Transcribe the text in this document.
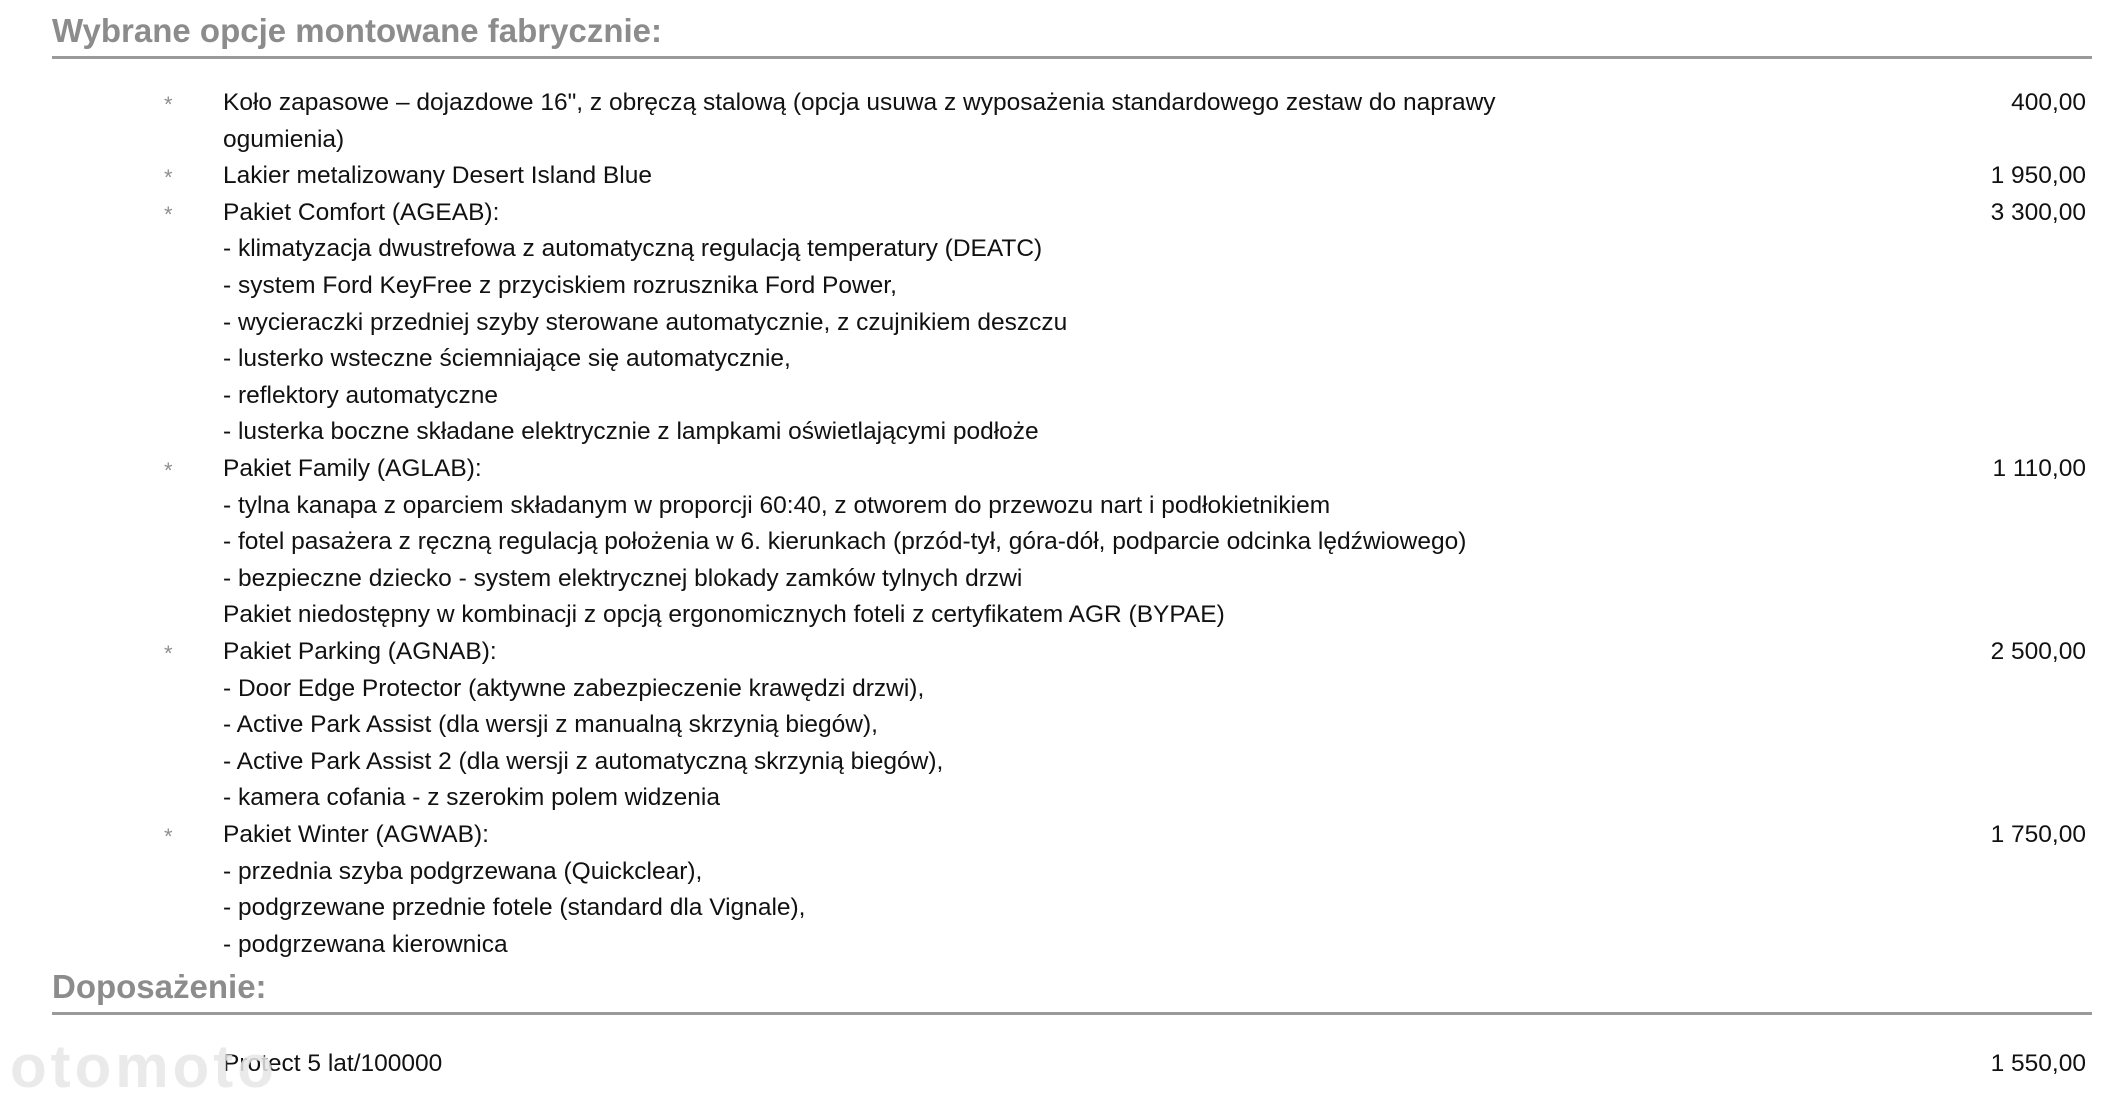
Wybrane opcje montowane fabrycznie:
* Koło zapasowe – dojazdowe 16", z obręczą stalową (opcja usuwa z wyposażenia standardowego zestaw do naprawy	400,00
ogumienia)
* Lakier metalizowany Desert Island Blue	1 950,00
* Pakiet Comfort (AGEAB):	3 300,00
- klimatyzacja dwustrefowa z automatyczną regulacją temperatury (DEATC)
- system Ford KeyFree z przyciskiem rozrusznika Ford Power,
- wycieraczki przedniej szyby sterowane automatycznie, z czujnikiem deszczu
- lusterko wsteczne ściemniające się automatycznie,
- reflektory automatyczne
- lusterka boczne składane elektrycznie z lampkami oświetlającymi podłoże
* Pakiet Family (AGLAB):	1 110,00
- tylna kanapa z oparciem składanym w proporcji 60:40, z otworem do przewozu nart i podłokietnikiem
- fotel pasażera z ręczną regulacją położenia w 6. kierunkach (przód-tył, góra-dół, podparcie odcinka lędźwiowego)
- bezpieczne dziecko - system elektrycznej blokady zamków tylnych drzwi
Pakiet niedostępny w kombinacji z opcją ergonomicznych foteli z certyfikatem AGR (BYPAE)
* Pakiet Parking (AGNAB):	2 500,00
- Door Edge Protector (aktywne zabezpieczenie krawędzi drzwi),
- Active Park Assist (dla wersji z manualną skrzynią biegów),
- Active Park Assist 2 (dla wersji z automatyczną skrzynią biegów),
- kamera cofania - z szerokim polem widzenia
* Pakiet Winter (AGWAB):	1 750,00
- przednia szyba podgrzewana (Quickclear),
- podgrzewane przednie fotele (standard dla Vignale),
- podgrzewana kierownica
Doposażenie:
Protect 5 lat/100000	1 550,00
otomoto
